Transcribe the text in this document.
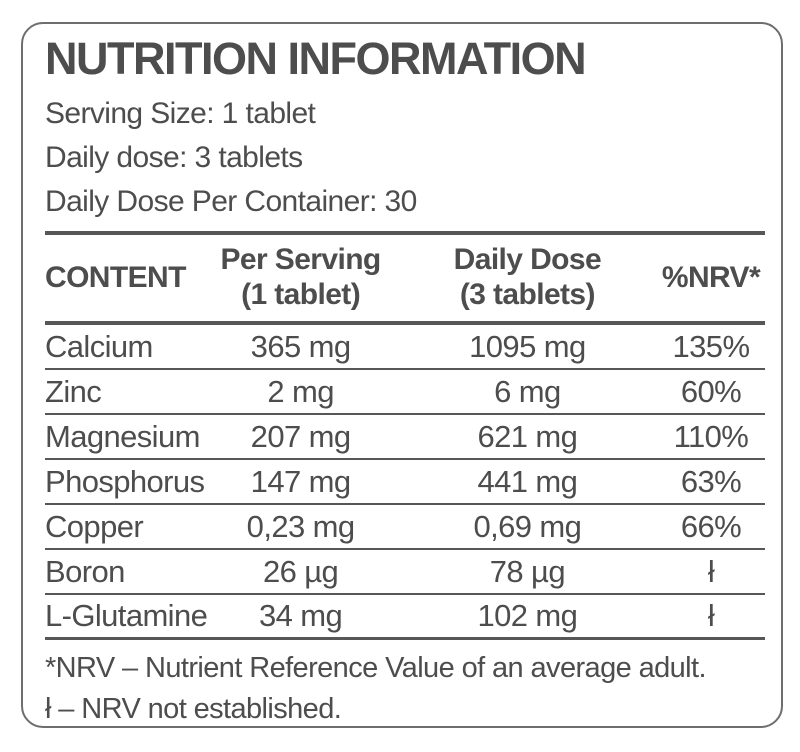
NUTRITION INFORMATION
Serving Size: 1 tablet
Daily dose: 3 tablets
Daily Dose Per Container: 30
CONTENT
Per Serving
(1 tablet)
Daily Dose
(3 tablets)
%NRV*
Calcium	365 mg	1095 mg	135%
Zinc	2 mg	6 mg	60%
Magnesium	207 mg	621 mg	110%
Phosphorus	147 mg	441 mg	63%
Copper	0,23 mg	0,69 mg	66%
Boron	26 µg	78 µg	ł
L-Glutamine	34 mg	102 mg	ł
*NRV – Nutrient Reference Value of an average adult.
ł – NRV not established.
